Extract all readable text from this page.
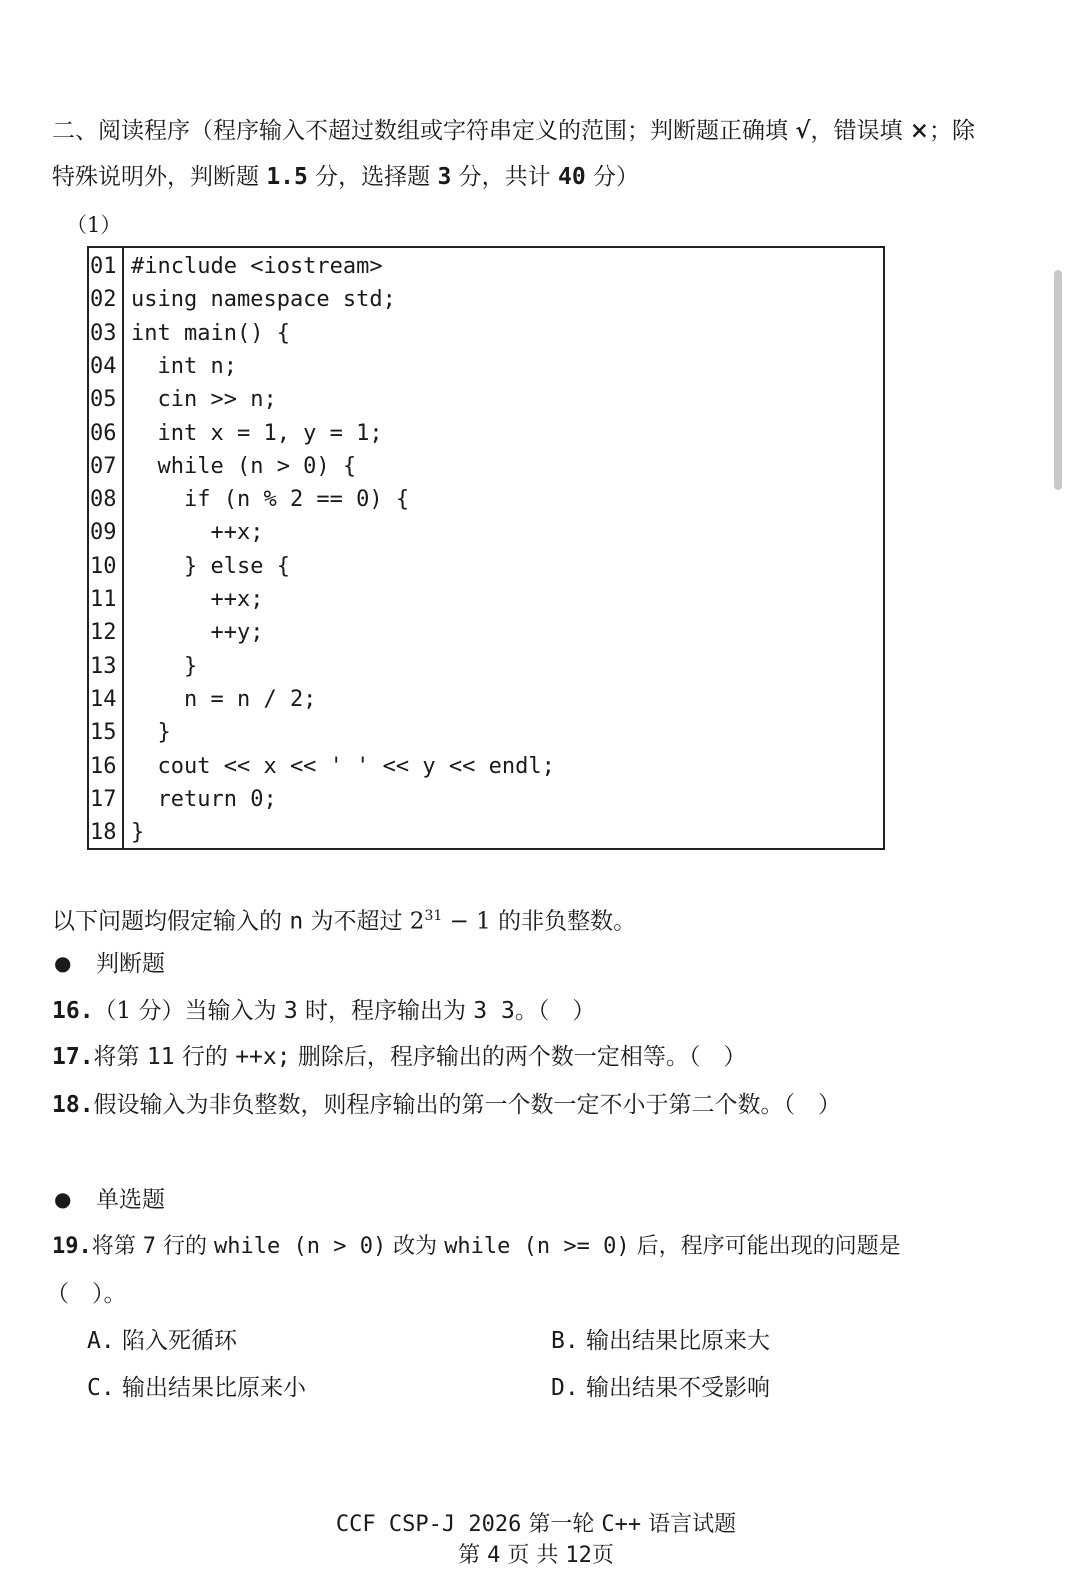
二、阅读程序（程序输入不超过数组或字符串定义的范围；判断题正确填 √，错误填 ×；除
特殊说明外，判断题 1.5 分，选择题 3 分，共计 40 分）
（1）
01 #include <iostream>
02 using namespace std;
03 int main() {
04 int n;
05 cin >> n;
06 int x = 1, y = 1;
07 while (n > 0) {
08 if (n % 2 == 0) {
09 ++x;
10 } else {
11 ++x;
12 ++y;
13 }
14 n = n / 2;
15 }
16 cout << x << ' ' << y << endl;
17 return 0;
18 }
以下问题均假定输入的 n 为不超过 $2^{31} - 1$ 的非负整数。
● 判断题
16.（1 分）当输入为 3 时，程序输出为 3 3。（　）
17.将第 11 行的 ++x; 删除后，程序输出的两个数一定相等。（　）
18.假设输入为非负整数，则程序输出的第一个数一定不小于第二个数。（　）
● 单选题
19.将第 7 行的 while (n > 0) 改为 while (n >= 0) 后，程序可能出现的问题是
（　）。
A. 陷入死循环	B. 输出结果比原来大
C. 输出结果比原来小	D. 输出结果不受影响
CCF CSP-J 2026 第一轮 C++ 语言试题
第 4 页 共 12页
